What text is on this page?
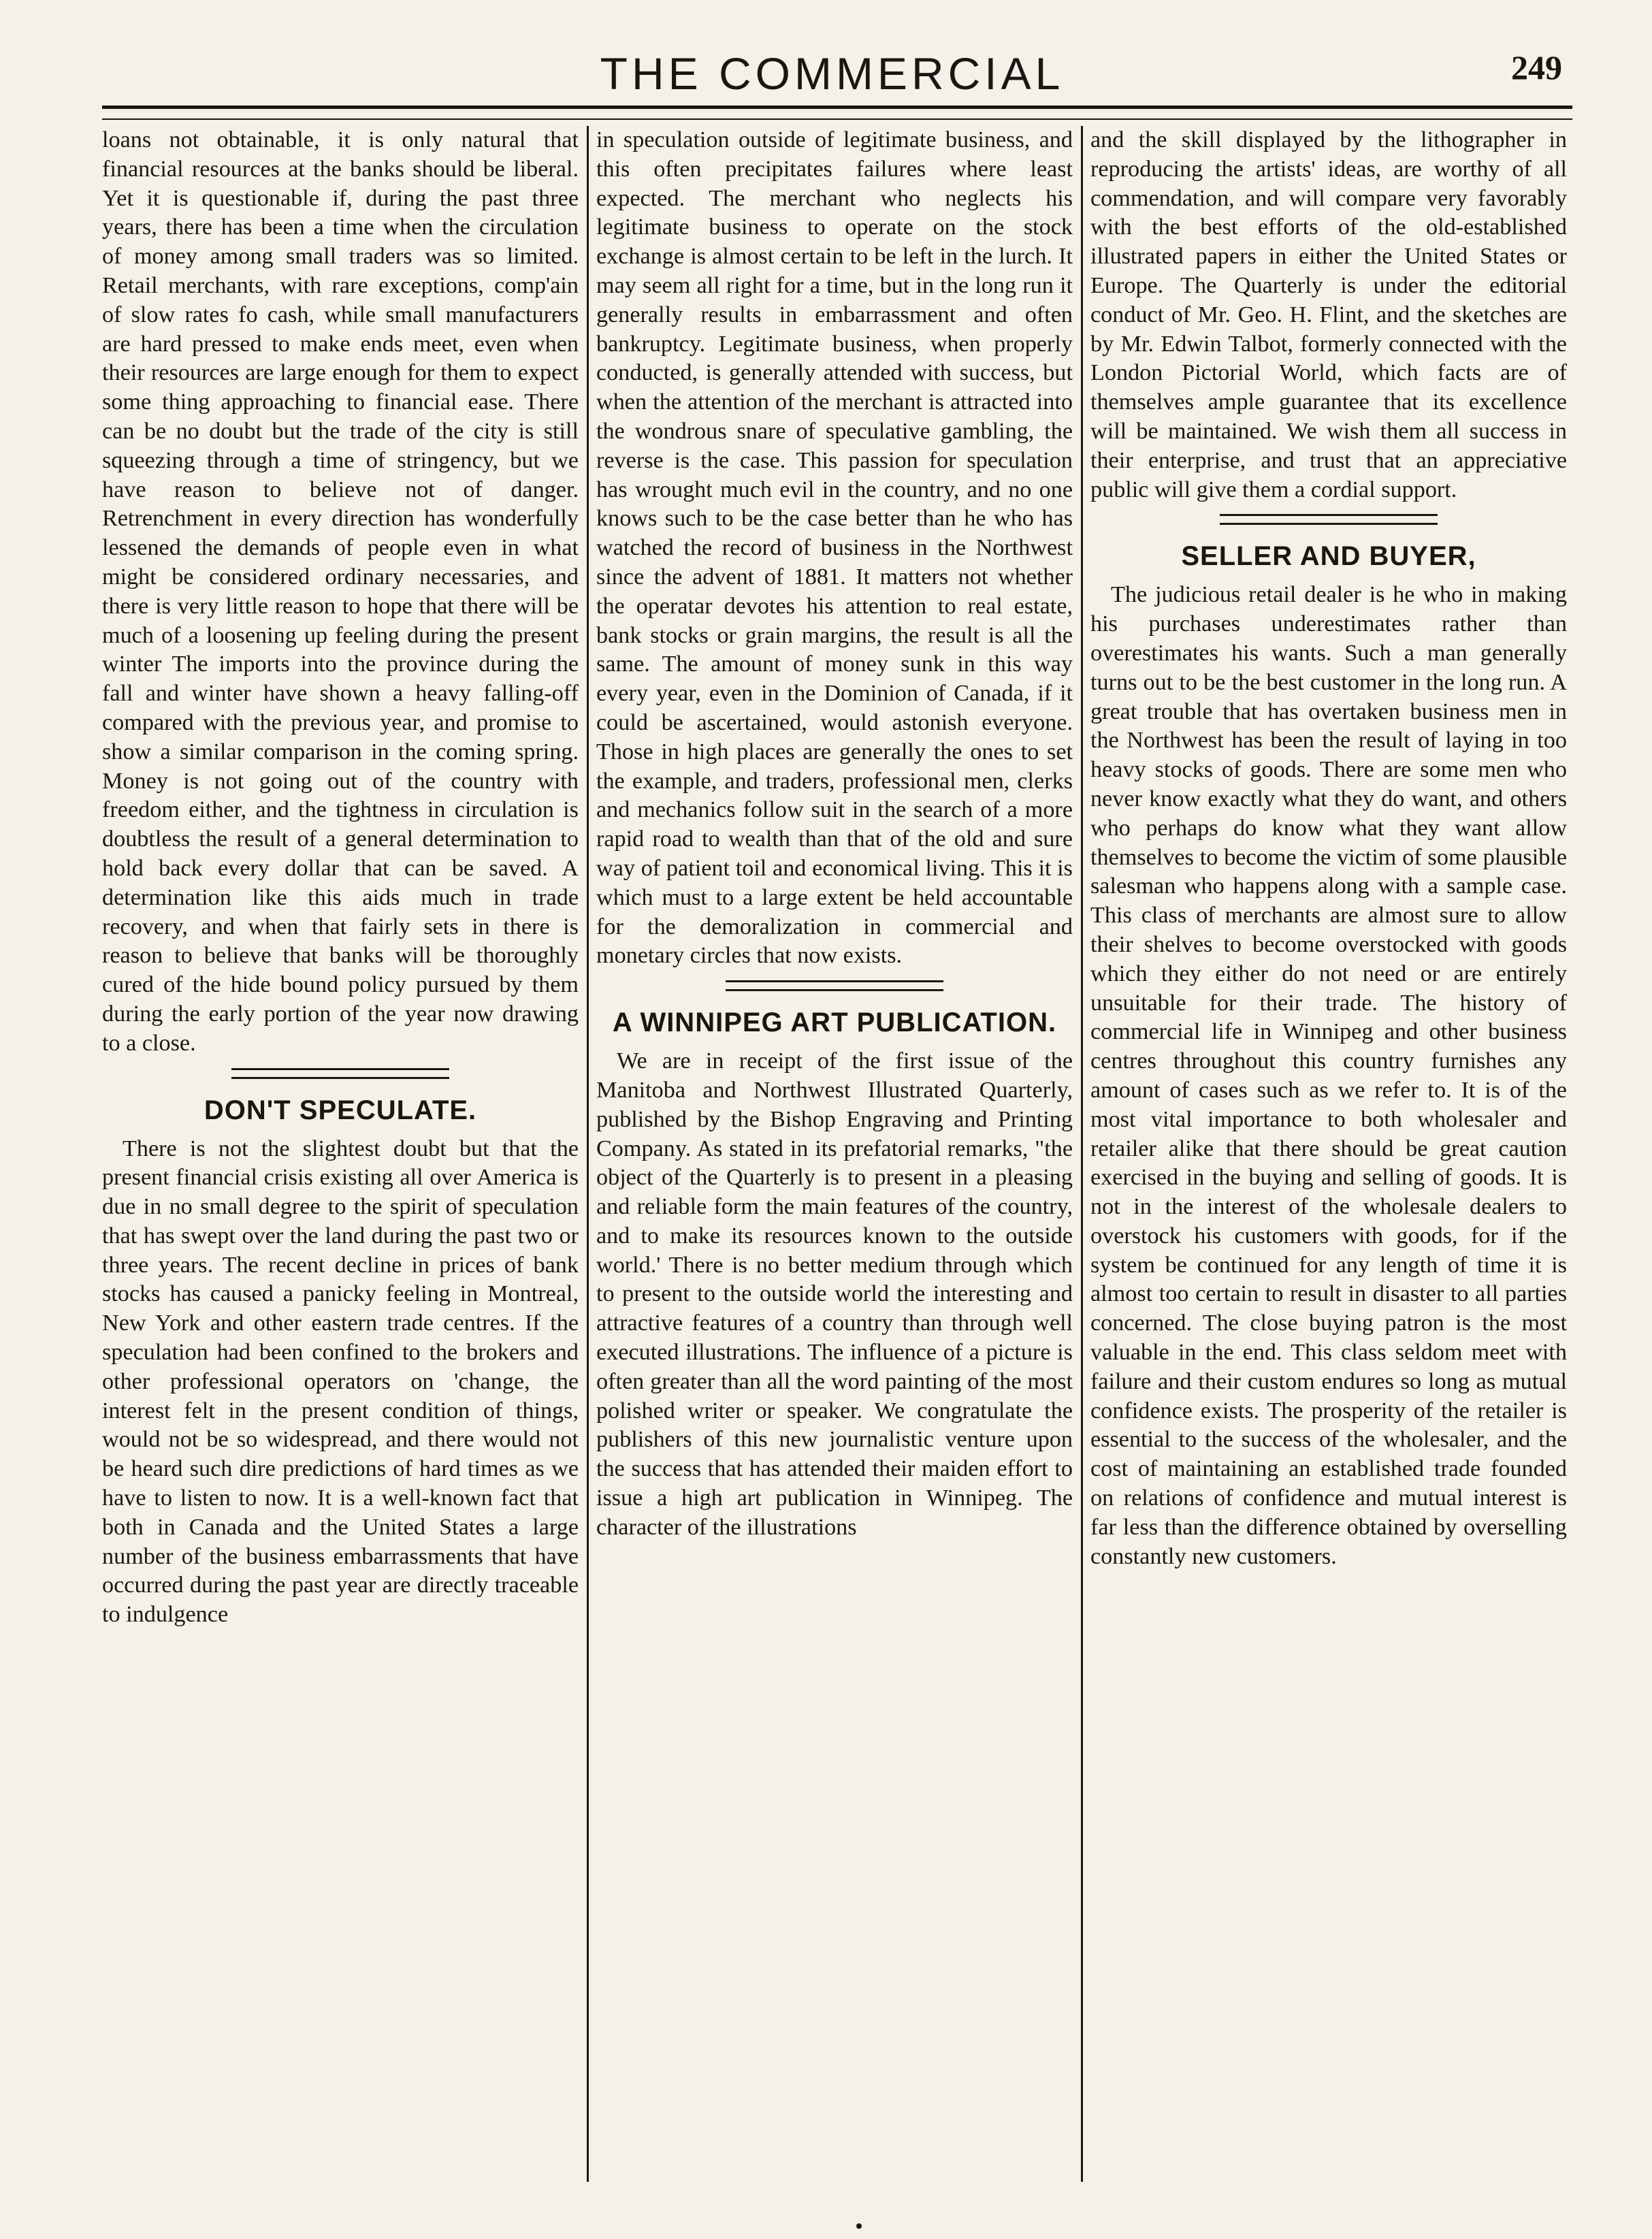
THE COMMERCIAL	249

loans not obtainable, it is only natural that financial resources at the banks should be liberal. Yet it is questionable if, during the past three years, there has been a time when the circulation of money among small traders was so limited. Retail merchants, with rare exceptions, comp'ain of slow rates fo cash, while small manufacturers are hard pressed to make ends meet, even when their resources are large enough for them to expect some thing approaching to financial ease. There can be no doubt but the trade of the city is still squeezing through a time of stringency, but we have reason to believe not of danger. Retrenchment in every direction has wonderfully lessened the demands of people even in what might be considered ordinary necessaries, and there is very little reason to hope that there will be much of a loosening up feeling during the present winter The imports into the province during the fall and winter have shown a heavy falling-off compared with the previous year, and promise to show a similar comparison in the coming spring. Money is not going out of the country with freedom either, and the tightness in circulation is doubtless the result of a general determination to hold back every dollar that can be saved. A determination like this aids much in trade recovery, and when that fairly sets in there is reason to believe that banks will be thoroughly cured of the hide bound policy pursued by them during the early portion of the year now drawing to a close.

DON'T SPECULATE.

There is not the slightest doubt but that the present financial crisis existing all over America is due in no small degree to the spirit of speculation that has swept over the land during the past two or three years. The recent decline in prices of bank stocks has caused a panicky feeling in Montreal, New York and other eastern trade centres. If the speculation had been confined to the brokers and other professional operators on 'change, the interest felt in the present condition of things, would not be so widespread, and there would not be heard such dire predictions of hard times as we have to listen to now. It is a well-known fact that both in Canada and the United States a large number of the business embarrassments that have occurred during the past year are directly traceable to indulgence

in speculation outside of legitimate business, and this often precipitates failures where least expected. The merchant who neglects his legitimate business to operate on the stock exchange is almost certain to be left in the lurch. It may seem all right for a time, but in the long run it generally results in embarrassment and often bankruptcy. Legitimate business, when properly conducted, is generally attended with success, but when the attention of the merchant is attracted into the wondrous snare of speculative gambling, the reverse is the case. This passion for speculation has wrought much evil in the country, and no one knows such to be the case better than he who has watched the record of business in the Northwest since the advent of 1881. It matters not whether the operatar devotes his attention to real estate, bank stocks or grain margins, the result is all the same. The amount of money sunk in this way every year, even in the Dominion of Canada, if it could be ascertained, would astonish everyone. Those in high places are generally the ones to set the example, and traders, professional men, clerks and mechanics follow suit in the search of a more rapid road to wealth than that of the old and sure way of patient toil and economical living. This it is which must to a large extent be held accountable for the demoralization in commercial and monetary circles that now exists.

A WINNIPEG ART PUBLICATION.

We are in receipt of the first issue of the Manitoba and Northwest Illustrated Quarterly, published by the Bishop Engraving and Printing Company. As stated in its prefatorial remarks, "the object of the Quarterly is to present in a pleasing and reliable form the main features of the country, and to make its resources known to the outside world.' There is no better medium through which to present to the outside world the interesting and attractive features of a country than through well executed illustrations. The influence of a picture is often greater than all the word painting of the most polished writer or speaker. We congratulate the publishers of this new journalistic venture upon the success that has attended their maiden effort to issue a high art publication in Winnipeg. The character of the illustrations

and the skill displayed by the lithographer in reproducing the artists' ideas, are worthy of all commendation, and will compare very favorably with the best efforts of the old-established illustrated papers in either the United States or Europe. The Quarterly is under the editorial conduct of Mr. Geo. H. Flint, and the sketches are by Mr. Edwin Talbot, formerly connected with the London Pictorial World, which facts are of themselves ample guarantee that its excellence will be maintained. We wish them all success in their enterprise, and trust that an appreciative public will give them a cordial support.

SELLER AND BUYER,

The judicious retail dealer is he who in making his purchases underestimates rather than overestimates his wants. Such a man generally turns out to be the best customer in the long run. A great trouble that has overtaken business men in the Northwest has been the result of laying in too heavy stocks of goods. There are some men who never know exactly what they do want, and others who perhaps do know what they want allow themselves to become the victim of some plausible salesman who happens along with a sample case. This class of merchants are almost sure to allow their shelves to become overstocked with goods which they either do not need or are entirely unsuitable for their trade. The history of commercial life in Winnipeg and other business centres throughout this country furnishes any amount of cases such as we refer to. It is of the most vital importance to both wholesaler and retailer alike that there should be great caution exercised in the buying and selling of goods. It is not in the interest of the wholesale dealers to overstock his customers with goods, for if the system be continued for any length of time it is almost too certain to result in disaster to all parties concerned. The close buying patron is the most valuable in the end. This class seldom meet with failure and their custom endures so long as mutual confidence exists. The prosperity of the retailer is essential to the success of the wholesaler, and the cost of maintaining an established trade founded on relations of confidence and mutual interest is far less than the difference obtained by overselling constantly new customers.
